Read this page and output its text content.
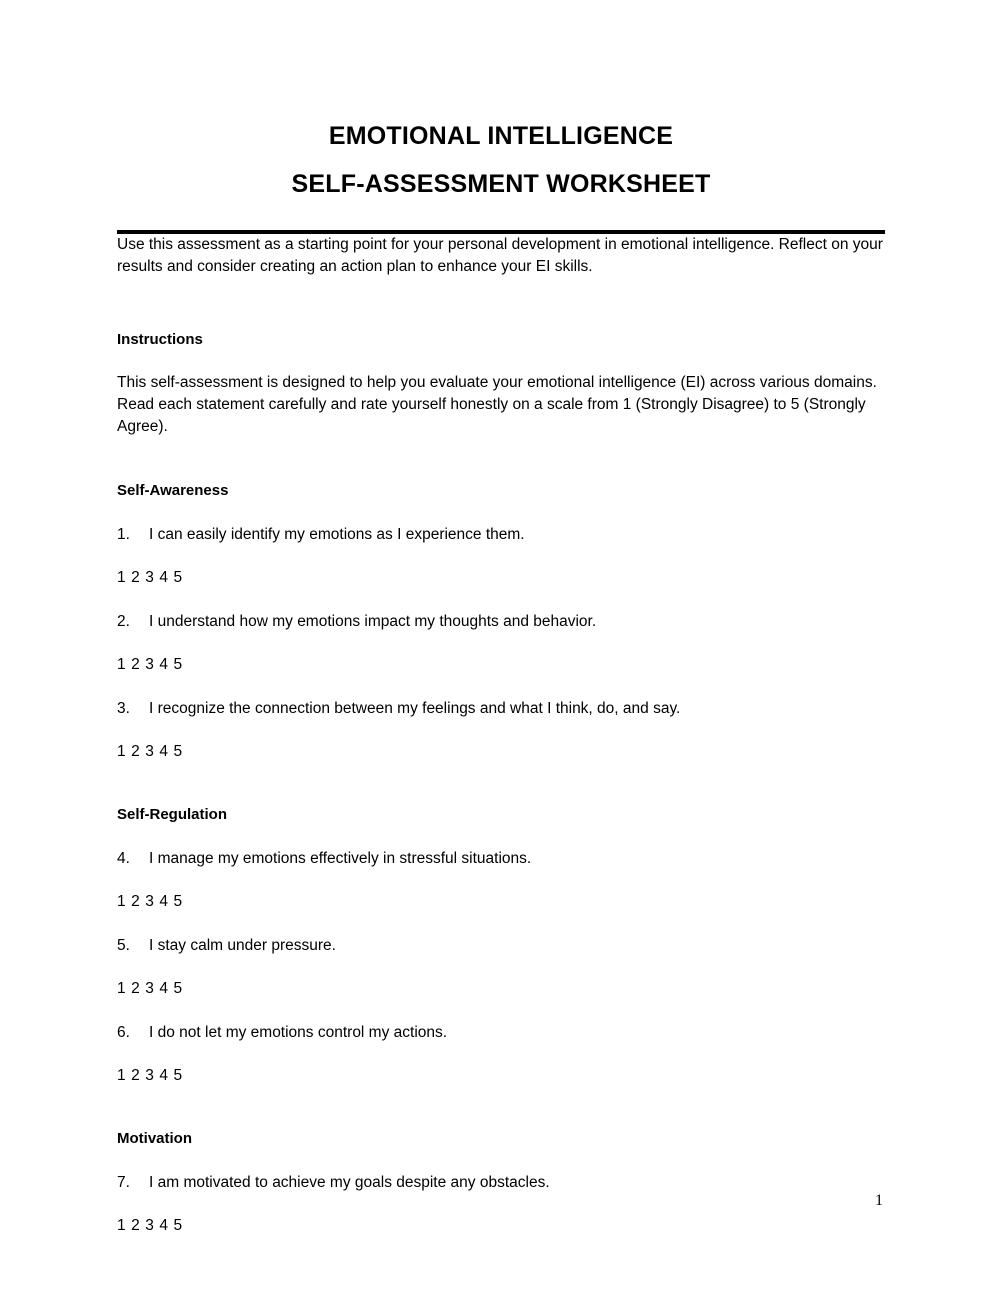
EMOTIONAL INTELLIGENCE
SELF-ASSESSMENT WORKSHEET

Use this assessment as a starting point for your personal development in emotional intelligence. Reflect on your results and consider creating an action plan to enhance your EI skills.

Instructions

This self-assessment is designed to help you evaluate your emotional intelligence (EI) across various domains. Read each statement carefully and rate yourself honestly on a scale from 1 (Strongly Disagree) to 5 (Strongly Agree).

Self-Awareness
1.	I can easily identify my emotions as I experience them.
1 2 3 4 5
2.	I understand how my emotions impact my thoughts and behavior.
1 2 3 4 5
3.	I recognize the connection between my feelings and what I think, do, and say.
1 2 3 4 5
Self-Regulation
4.	I manage my emotions effectively in stressful situations.
1 2 3 4 5
5.	I stay calm under pressure.
1 2 3 4 5
6.	I do not let my emotions control my actions.
1 2 3 4 5
Motivation
7.	I am motivated to achieve my goals despite any obstacles.
1 2 3 4 5
1
